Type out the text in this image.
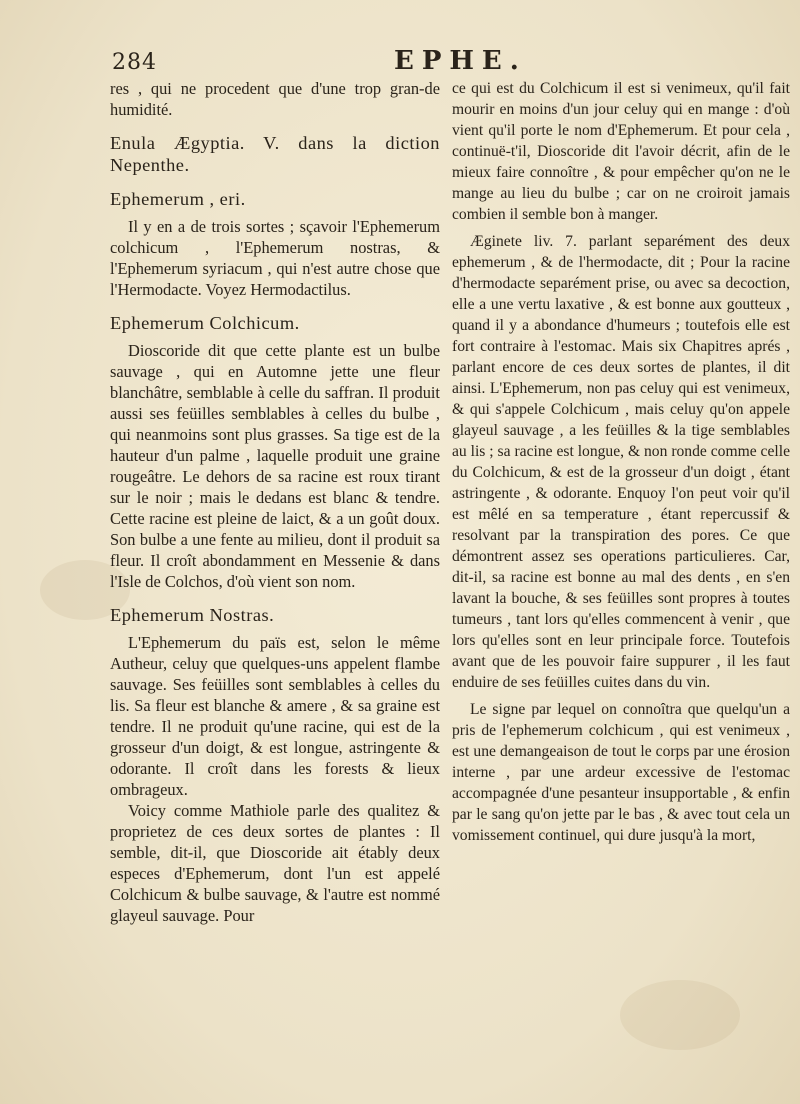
284	EPHE.

res , qui ne procedent que d'une trop gran-de humidité.

Enula Ægyptia. V. dans la diction Nepenthe.
Ephemerum , eri.

Il y en a de trois sortes ; sçavoir l'Ephemerum colchicum , l'Ephemerum nostras, & l'Ephemerum syriacum , qui n'est autre chose que l'Hermodacte. Voyez Hermodactilus.

Ephemerum Colchicum.

Dioscoride dit que cette plante est un bulbe sauvage , qui en Automne jette une fleur blanchâtre, semblable à celle du saffran. Il produit aussi ses feüilles semblables à celles du bulbe , qui neanmoins sont plus grasses. Sa tige est de la hauteur d'un palme , laquelle produit une graine rougeâtre. Le dehors de sa racine est roux tirant sur le noir ; mais le dedans est blanc & tendre. Cette racine est pleine de laict, & a un goût doux. Son bulbe a une fente au milieu, dont il produit sa fleur. Il croît abondamment en Messenie & dans l'Isle de Colchos, d'où vient son nom.

Ephemerum Nostras.

L'Ephemerum du païs est, selon le même Autheur, celuy que quelques-uns appelent flambe sauvage. Ses feüilles sont semblables à celles du lis. Sa fleur est blanche & amere , & sa graine est tendre. Il ne produit qu'une racine, qui est de la grosseur d'un doigt, & est longue, astringente & odorante. Il croît dans les forests & lieux ombrageux.

Voicy comme Mathiole parle des qualitez & proprietez de ces deux sortes de plantes : Il semble, dit-il, que Dioscoride ait étably deux especes d'Ephemerum, dont l'un est appelé Colchicum & bulbe sauvage, & l'autre est nommé glayeul sauvage. Pour

ce qui est du Colchicum il est si venimeux, qu'il fait mourir en moins d'un jour celuy qui en mange : d'où vient qu'il porte le nom d'Ephemerum. Et pour cela , continuë-t'il, Dioscoride dit l'avoir décrit, afin de le mieux faire connoître , & pour empêcher qu'on ne le mange au lieu du bulbe ; car on ne croiroit jamais combien il semble bon à manger.

Æginete liv. 7. parlant separément des deux ephemerum , & de l'hermodacte, dit ; Pour la racine d'hermodacte separément prise, ou avec sa decoction, elle a une vertu laxative , & est bonne aux goutteux , quand il y a abondance d'humeurs ; toutefois elle est fort contraire à l'estomac. Mais six Chapitres aprés , parlant encore de ces deux sortes de plantes, il dit ainsi. L'Ephemerum, non pas celuy qui est venimeux, & qui s'appele Colchicum , mais celuy qu'on appele glayeul sauvage , a les feüilles & la tige semblables au lis ; sa racine est longue, & non ronde comme celle du Colchicum, & est de la grosseur d'un doigt , étant astringente , & odorante. Enquoy l'on peut voir qu'il est mêlé en sa temperature , étant repercussif & resolvant par la transpiration des pores. Ce que démontrent assez ses operations particulieres. Car, dit-il, sa racine est bonne au mal des dents , en s'en lavant la bouche, & ses feüilles sont propres à toutes tumeurs , tant lors qu'elles commencent à venir , que lors qu'elles sont en leur principale force. Toutefois avant que de les pouvoir faire suppurer , il les faut enduire de ses feüilles cuites dans du vin.

Le signe par lequel on connoîtra que quelqu'un a pris de l'ephemerum colchicum , qui est venimeux , est une demangeaison de tout le corps par une érosion interne , par une ardeur excessive de l'estomac accompagnée d'une pesanteur insupportable , & enfin par le sang qu'on jette par le bas , & avec tout cela un vomissement continuel, qui dure jusqu'à la mort,
